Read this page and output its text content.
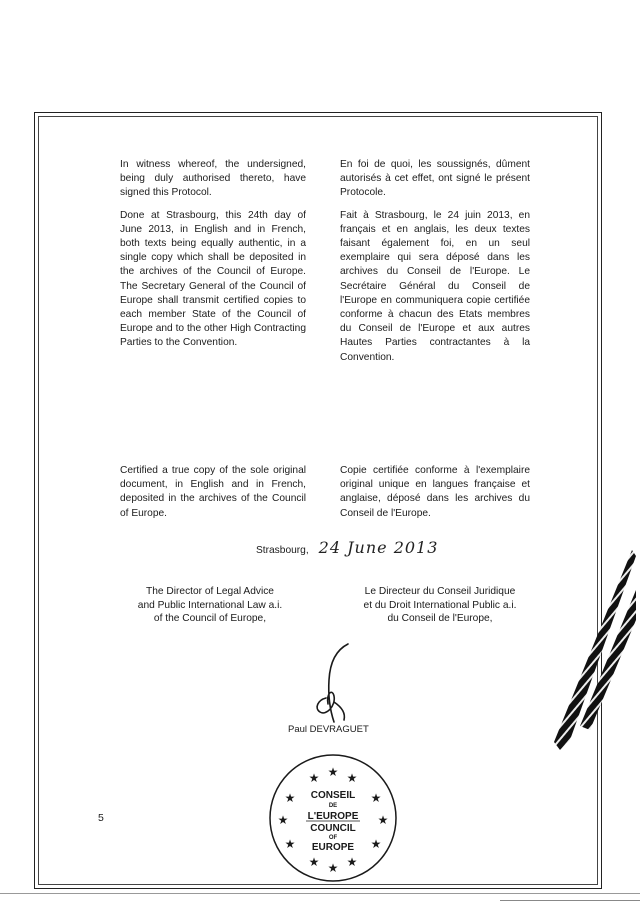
In witness whereof, the undersigned, being duly authorised thereto, have signed this Protocol.

Done at Strasbourg, this 24th day of June 2013, in English and in French, both texts being equally authentic, in a single copy which shall be deposited in the archives of the Council of Europe. The Secretary General of the Council of Europe shall transmit certified copies to each member State of the Council of Europe and to the other High Contracting Parties to the Convention.

En foi de quoi, les soussignés, dûment autorisés à cet effet, ont signé le présent Protocole.

Fait à Strasbourg, le 24 juin 2013, en français et en anglais, les deux textes faisant également foi, en un seul exemplaire qui sera déposé dans les archives du Conseil de l'Europe. Le Secrétaire Général du Conseil de l'Europe en communiquera copie certifiée conforme à chacun des Etats membres du Conseil de l'Europe et aux autres Hautes Parties contractantes à la Convention.

Certified a true copy of the sole original document, in English and in French, deposited in the archives of the Council of Europe.

Copie certifiée conforme à l'exemplaire original unique en langues française et anglaise, déposé dans les archives du Conseil de l'Europe.

Strasbourg, 24 June 2013
The Director of Legal Advice
and Public International Law a.i.
of the Council of Europe,
Le Directeur du Conseil Juridique
et du Droit International Public a.i.
du Conseil de l'Europe,
Paul DEVRAGUET
★ ★ ★
★	★
★	★
★	★
★ ★
★
CONSEIL
DE
L'EUROPE
COUNCIL
OF
EUROPE
5
